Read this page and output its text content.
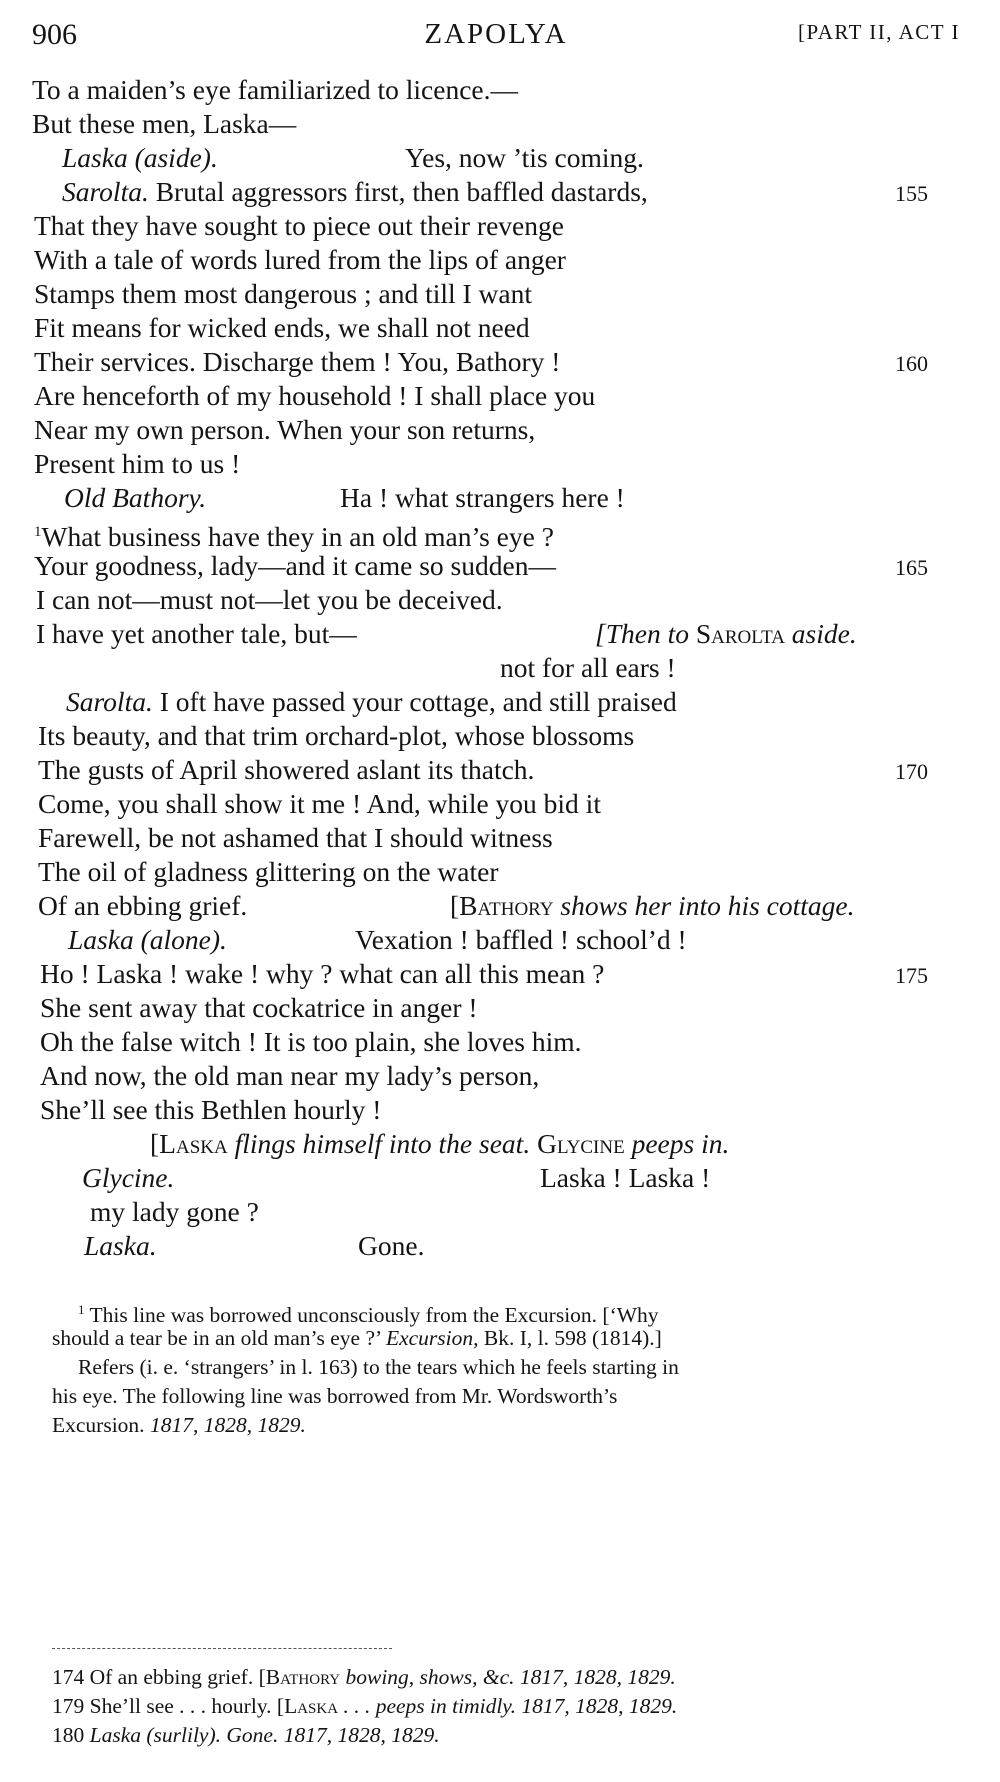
906	ZAPOLYA	[PART II, ACT I
To a maiden’s eye familiarized to licence.—
But these men, Laska—
Laska (aside).	Yes, now ’tis coming.
Sarolta. Brutal aggressors first, then baffled dastards,	155
That they have sought to piece out their revenge
With a tale of words lured from the lips of anger
Stamps them most dangerous ; and till I want
Fit means for wicked ends, we shall not need
Their services. Discharge them ! You, Bathory !	160
Are henceforth of my household ! I shall place you
Near my own person. When your son returns,
Present him to us !
Old Bathory.	Ha ! what strangers here !
$^1$What business have they in an old man’s eye ?
Your goodness, lady—and it came so sudden—	165
I can not—must not—let you be deceived.
I have yet another tale, but—	[Then to Sarolta aside.
not for all ears !
Sarolta. I oft have passed your cottage, and still praised
Its beauty, and that trim orchard-plot, whose blossoms
The gusts of April showered aslant its thatch.	170
Come, you shall show it me ! And, while you bid it
Farewell, be not ashamed that I should witness
The oil of gladness glittering on the water
Of an ebbing grief.	[Bathory shows her into his cottage.
Laska (alone).	Vexation ! baffled ! school’d !
Ho ! Laska ! wake ! why ? what can all this mean ?	175
She sent away that cockatrice in anger !
Oh the false witch ! It is too plain, she loves him.
And now, the old man near my lady’s person,
She’ll see this Bethlen hourly !
[Laska flings himself into the seat. Glycine peeps in.
Glycine.	Laska ! Laska !
my lady gone ?
Laska.	Gone.
$^1$ This line was borrowed unconsciously from the Excursion. [‘Why
should a tear be in an old man’s eye ?’ Excursion, Bk. I, l. 598 (1814).]
Refers (i. e. ‘strangers’ in l. 163) to the tears which he feels starting in
his eye. The following line was borrowed from Mr. Wordsworth’s
Excursion. 1817, 1828, 1829.
174 Of an ebbing grief. [Bathory bowing, shows, &c. 1817, 1828, 1829.
179 She’ll see . . . hourly. [Laska . . . peeps in timidly. 1817, 1828, 1829.
180 Laska (surlily). Gone. 1817, 1828, 1829.
